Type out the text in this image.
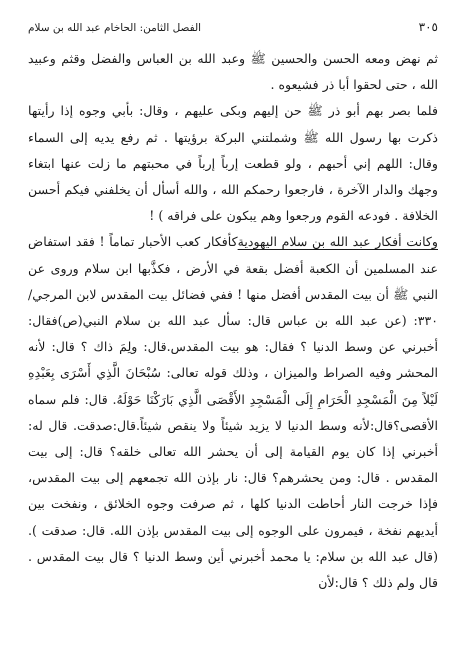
٣٠٥
الفصل الثامن: الحاخام عبد الله بن سلام

ثم نهض ومعه الحسن والحسين ﷺ وعبد الله بن العباس والفضل وقثم وعبيد الله ، حتى لحقوا أبا ذر فشيعوه .

فلما بصر بهم أبو ذر ﷺ حن إليهم وبكى عليهم ، وقال: بأبي وجوه إذا رأيتها ذكرت بها رسول الله ﷺ وشملتني البركة برؤيتها . ثم رفع يديه إلى السماء وقال: اللهم إني أحبهم ، ولو قطعت إرباً إرباً في محبتهم ما زلت عنها ابتغاء وجهك والدار الآخرة ، فارجعوا رحمكم الله ، والله أسأل أن يخلفني فيكم أحسن الخلافة . فودعه القوم ورجعوا وهم يبكون على فراقه ) !

وكانت أفكار عبد الله بن سلام اليهوديةكأفكار كعب الأحبار تماماً ! فقد استفاض عند المسلمين أن الكعبة أفضل بقعة في الأرض ، فكذَّبها ابن سلام وروى عن النبي ﷺ أن بيت المقدس أفضل منها ! ففي فضائل بيت المقدس لابن المرجي/٣٣٠: (عن عبد الله بن عباس قال: سأل عبد الله بن سلام النبي(ص)فقال: أخبرني عن وسط الدنيا ؟ فقال: هو بيت المقدس.قال: ولِمَ ذاك ؟ قال: لأنه المحشر وفيه الصراط والميزان ، وذلك قوله تعالى: سُبْحَانَ الَّذِي أَسْرَى بِعَبْدِهِ لَيْلاً مِنَ الْمَسْجِدِ الْحَرَامِ إِلَى الْمَسْجِدِ الأَقْصَى الَّذِي بَارَكْنَا حَوْلَهُ. قال: فلم سماه الأقصى؟قال:لأنه وسط الدنيا لا يزيد شيئاً ولا ينقص شيئاً.قال:صدقت. قال له: أخبرني إذا كان يوم القيامة إلى أن يحشر الله تعالى خلقه؟ قال: إلى بيت المقدس . قال: ومن يحشرهم؟ قال: نار بإذن الله تجمعهم إلى بيت المقدس، فإذا خرجت النار أحاطت الدنيا كلها ، ثم صرفت وجوه الخلائق ، ونفخت بين أيديهم نفخة ، فيمرون على الوجوه إلى بيت المقدس بإذن الله. قال: صدقت ). (قال عبد الله بن سلام: يا محمد أخبرني أين وسط الدنيا ؟ قال بيت المقدس . قال ولم ذلك ؟ قال:لأن
